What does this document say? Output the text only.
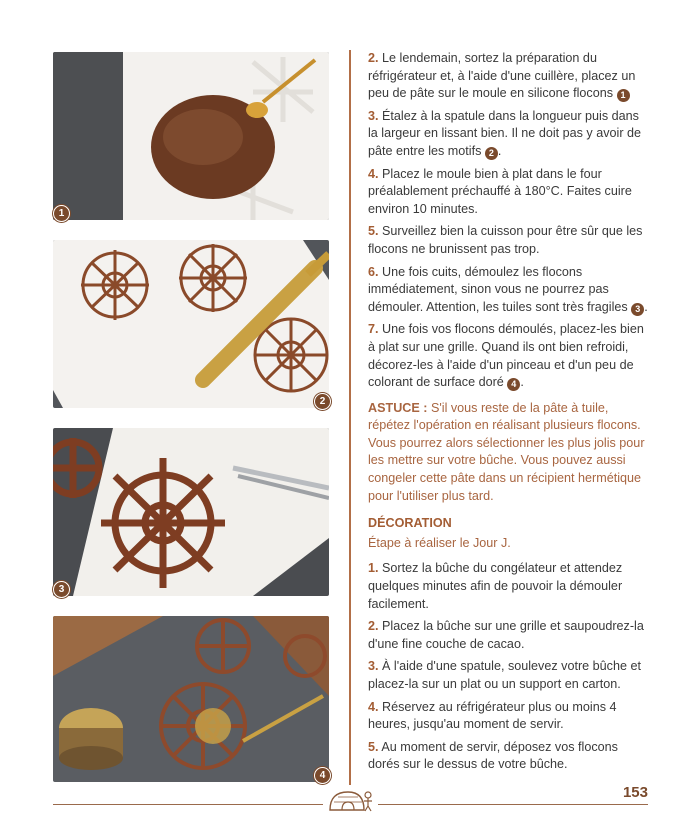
1
2
3
4

2. Le lendemain, sortez la préparation du réfrigérateur et, à l'aide d'une cuillère, placez un peu de pâte sur le moule en silicone flocons 1

3. Étalez à la spatule dans la longueur puis dans la largeur en lissant bien. Il ne doit pas y avoir de pâte entre les motifs 2 .

4. Placez le moule bien à plat dans le four préalablement préchauffé à 180°C. Faites cuire environ 10 minutes.

5. Surveillez bien la cuisson pour être sûr que les flocons ne brunissent pas trop.

6. Une fois cuits, démoulez les flocons immédiatement, sinon vous ne pourrez pas démouler. Attention, les tuiles sont très fragiles 3 .

7. Une fois vos flocons démoulés, placez-les bien à plat sur une grille. Quand ils ont bien refroidi, décorez-les à l'aide d'un pinceau et d'un peu de colorant de surface doré 4 .

ASTUCE : S'il vous reste de la pâte à tuile, répétez l'opération en réalisant plusieurs flocons. Vous pourrez alors sélectionner les plus jolis pour les mettre sur votre bûche. Vous pouvez aussi congeler cette pâte dans un récipient hermétique pour l'utiliser plus tard.

DÉCORATION

Étape à réaliser le Jour J.

1. Sortez la bûche du congélateur et attendez quelques minutes afin de pouvoir la démouler facilement.

2. Placez la bûche sur une grille et saupoudrez-la d'une fine couche de cacao.

3. À l'aide d'une spatule, soulevez votre bûche et placez-la sur un plat ou un support en carton.

4. Réservez au réfrigérateur plus ou moins 4 heures, jusqu'au moment de servir.

5. Au moment de servir, déposez vos flocons dorés sur le dessus de votre bûche.

153
